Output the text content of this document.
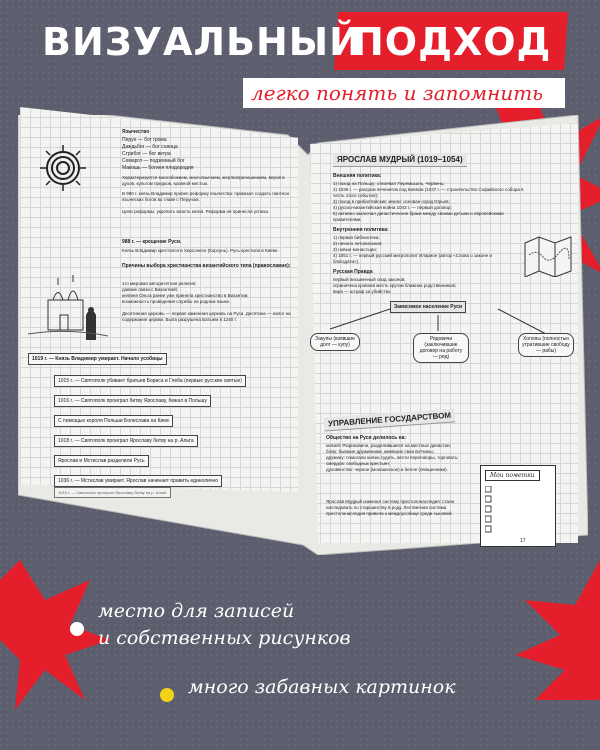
ВИЗУАЛЬНЫЙ
ПОДХОД
легко понять и запомнить
Язычество
Перун — бог грома
Даждьбог — бог солнца
Стрибог — бог ветра
Семаргл — подземный бог
Макошь — богиня плодородия
Характеризуется многобожием, многоязычием, жертвоприношением, верой в духов, культом предков, кровной местью.
В 980 г. князь Владимир провел реформу язычества: приказал создать пантеон языческих богов во главе с Перуном.
Цели реформы: укрепить власть князя. Реформа не принесла успеха.
988 г. — крещение Руси.
Князь Владимир крестился в Херсонесе (Корсунь). Русь крестили в Киеве.
Причины выбора христианства византийского типа (православие):
это мировая авторитетная религия;
давние связи с Византией;
княгиня Ольга ранее уже приняла христианство в Византии;
возможность проведения службы на родном языке.
Десятинная церковь — первая каменная церковь на Руси. Десятина — налог на содержание церкви. Была разрушена Батыем в 1240 г.
1019 г. — Князь Владимир умирает. Начало усобицы
1015 г. — Святополк убивает братьев Бориса и Глеба (первые русские святые)
1016 г. — Святополк проиграл битву Ярославу, бежал в Польшу
С помощью короля Польши Болеслава на Киев
1018 г. — Святополк проиграл Ярославу битву на р. Альта
Ярослав и Мстислав разделили Русь
1036 г. — Мстислав умирает. Ярослав начинает править единолично
1019 г. — Святополк проиграл Ярославу битву на р. Альте
ЯРОСЛАВ МУДРЫЙ (1019–1054)
Внешняя политика:
1) поход на Польшу: отвоевал Перемышль, Червень;
2) 1036 г. — разгром печенегов под Киевом (1037 г. — строительство Софийского собора в честь этого события);
3) поход в прибалтийские земли: основан город Юрьев;
4) русско-византийская война 1043 г. — первый договор;
5) активно заключал династические браки между своими детьми и европейскими правителями.
Внутренняя политика:
1) первая библиотека;
2) начало летописания;
3) новые монастыри;
4) 1051 г. — первый русский митрополит Иларион (автор «Слова о законе и благодати»).
Русская Правда
первый письменный свод законов;
ограничена кровная месть кругом ближних родственников;
вира — штраф за убийство.
Зависимое население Руси
Закупы (взявшие долг — купу)
Рядовичи (заключившие договор на работу — ряд)
Холопы (полностью утратившие свободу — рабы)
УПРАВЛЕНИЕ ГОСУДАРСТВОМ
Общество на Руси делилось на:
князей: Рюриковичи, разделившиеся на местные династии;
бояр: бывшие дружинники, имевшие свои вотчины;
дружину: помогали князю судить, вести переговоры, торговать;
смердов: свободных крестьян;
духовенство: черное (монашеское) и белое (священники).
Ярослав Мудрый изменил систему престолонаследия: стали наследовать по старшинству в роду. Лествичная система престолонаследия привела к междоусобице среди сыновей.
Мои пометки
17
место для записей
и собственных рисунков
много забавных картинок
